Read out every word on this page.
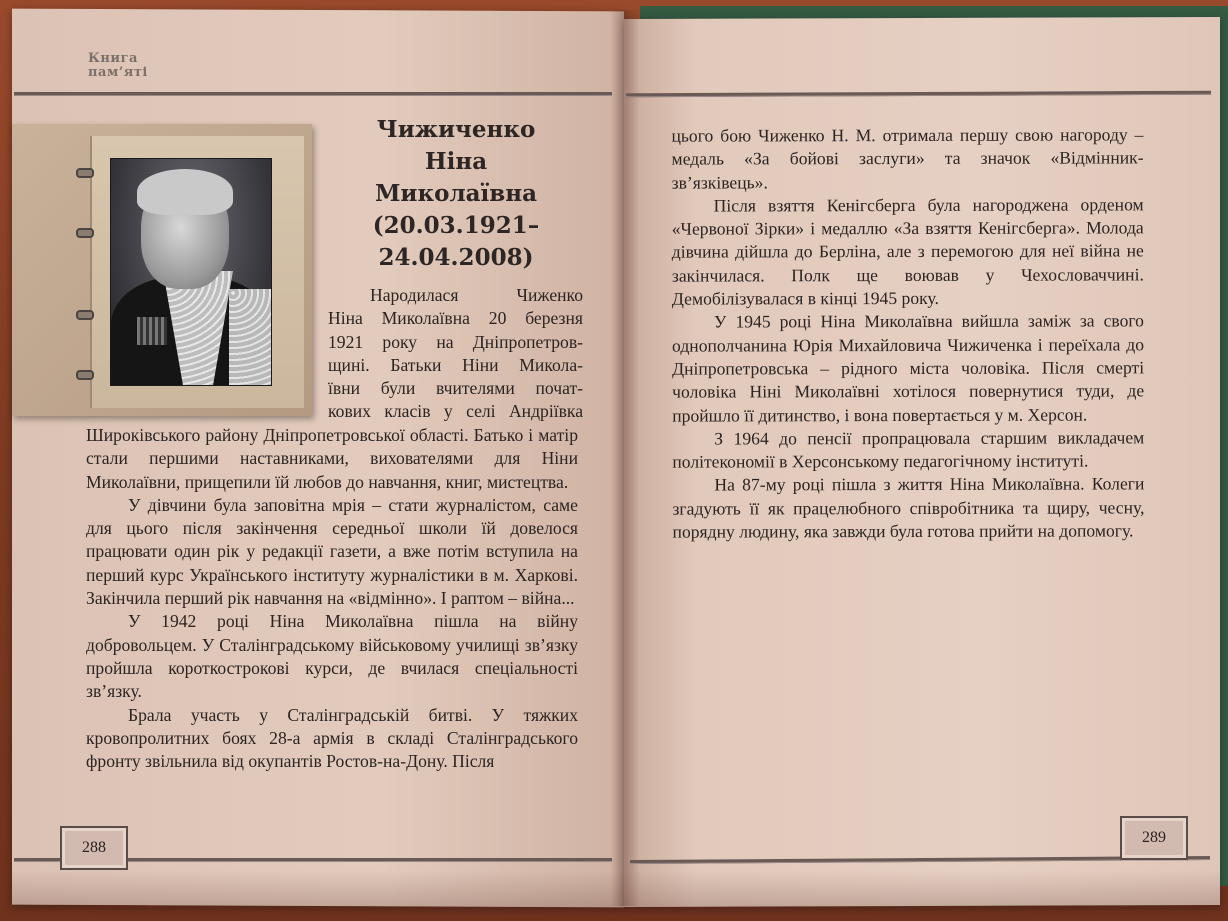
Книга
пам’яті
Чижиченко
Ніна
Миколаївна
(20.03.1921–24.04.2008)

Народилася Чиженко

Ніна Миколаївна 20 березня

1921 року на Дніпропетров-

щині. Батьки Ніни Микола-

ївни були вчителями почат-

кових класів у селі Андріївка

Широківського району Дніпропетровської області. Батько і матір стали першими наставниками, вихователями для Ніни Миколаївни, прищепили їй любов до навчання, книг, мистецтва.

У дівчини була заповітна мрія – стати журналістом, саме для цього після закінчення середньої школи їй довелося працювати один рік у редакції газети, а вже потім вступила на перший курс Українського інституту журналістики в м. Харкові. Закінчила перший рік навчання на «відмінно». І раптом – війна...

У 1942 році Ніна Миколаївна пішла на війну добровольцем. У Сталінградському військовому училищі зв’язку пройшла короткострокові курси, де вчилася спеціальності зв’язку.

Брала участь у Сталінградській битві. У тяжких кровопролитних боях 28-а армія в складі Сталінградського фронту звільнила від окупантів Ростов-на-Дону. Після

цього бою Чиженко Н. М. отримала першу свою нагороду – медаль «За бойові заслуги» та значок «Відмінник-зв’язківець».

Після взяття Кенігсберга була нагороджена орденом «Червоної Зірки» і медаллю «За взяття Кенігсберга». Молода дівчина дійшла до Берліна, але з перемогою для неї війна не закінчилася. Полк ще воював у Чехословаччині. Демобілізувалася в кінці 1945 року.

У 1945 році Ніна Миколаївна вийшла заміж за свого однополчанина Юрія Михайловича Чижиченка і переїхала до Дніпропетровська – рідного міста чоловіка. Після смерті чоловіка Ніні Миколаївні хотілося повернутися туди, де пройшло її дитинство, і вона повертається у м. Херсон.

З 1964 до пенсії пропрацювала старшим викладачем політекономії в Херсонському педагогічному інституті.

На 87-му році пішла з життя Ніна Миколаївна. Колеги згадують її як працелюбного співробітника та щиру, чесну, порядну людину, яка завжди була готова прийти на допомогу.

288
289
